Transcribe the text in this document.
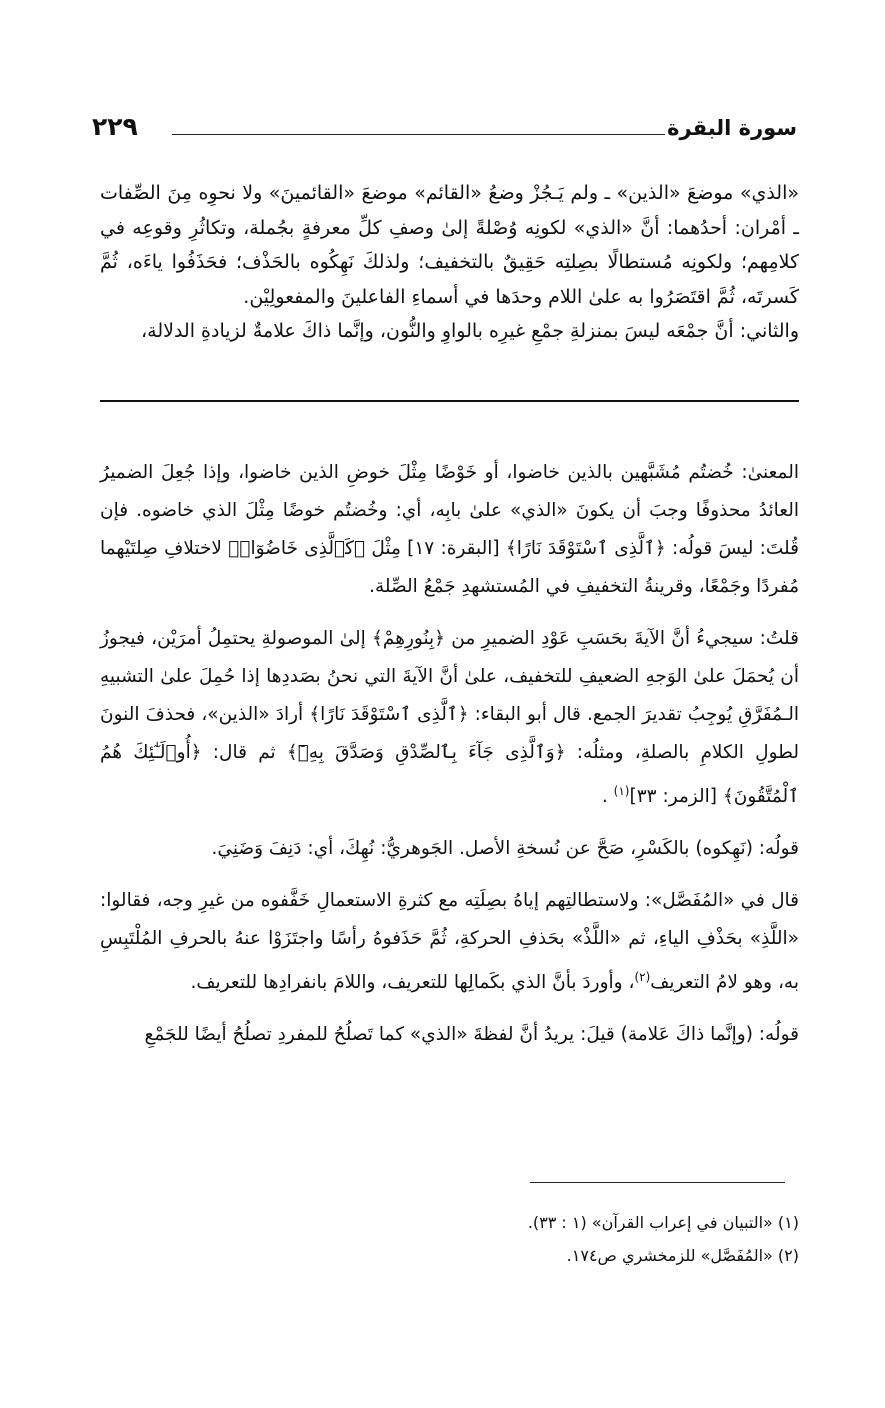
سورة البقرة
٢٢٩

«الذي» موضعَ «الذين» ـ ولم يَـجُزْ وضعُ «القائم» موضعَ «القائمينَ» ولا نحوِه مِنَ الصِّفات ـ أمْران: أحدُهما: أنَّ «الذي» لكونِه وُصْلةً إلىٰ وصفِ كلِّ معرفةٍ بجُملة، وتكاثُرِ وقوعِه في كلامِهم؛ ولكونِه مُستطالًا بصِلتِه حَقِيقٌ بالتخفيف؛ ولذلكَ نَهِكُوه بالحَذْف؛ فحَذَفُوا ياءَه، ثُمَّ كَسرتَه، ثُمَّ اقتَصَرُوا به علىٰ اللام وحدَها في أسماءِ الفاعلينَ والمفعولِيْن.

والثاني: أنَّ جمْعَه ليسَ بمنزلةِ جمْعِ غيرِه بالواوِ والنُّون، وإنَّما ذاكَ علامةٌ لزيادةِ الدلالة،

المعنىٰ: خُضتُم مُشَبَّهين بالذين خاضوا، أو خَوْضًا مِثْلَ خوضِ الذين خاضوا، وإذا جُعِلَ الضميرُ العائدُ محذوفًا وجبَ أن يكونَ «الذي» علىٰ بابِه، أي: وخُضتُم خوضًا مِثْلَ الذي خاضوه. فإن قُلتَ: ليسَ قولُه: ﴿ٱلَّذِى ٱسْتَوْقَدَ نَارًا﴾ [البقرة: ١٧] مِثْلَ ﴿كَٱلَّذِى خَاضُوٓا۟﴾ لاختلافِ صِلتَيْهما مُفردًا وجَمْعًا، وقرينةُ التخفيفِ في المُستشهدِ جَمْعُ الصِّلة.

قلتُ: سيجيءُ أنَّ الآيةَ بحَسَبِ عَوْدِ الضميرِ من ﴿بِنُورِهِمْ﴾ إلىٰ الموصولةِ يحتمِلُ أمرَيْن، فيجوزُ أن يُحمَلَ علىٰ الوَجهِ الضعيفِ للتخفيف، علىٰ أنَّ الآيةَ التي نحنُ بصَددِها إذا حُمِلَ علىٰ التشبيهِ الـمُفَرَّقِ يُوجِبُ تقديرَ الجمع. قال أبو البقاء: ﴿ٱلَّذِى ٱسْتَوْقَدَ نَارًا﴾ أرادَ «الذين»، فحذفَ النونَ لطولِ الكلامِ بالصلةِ، ومثلُه: ﴿وَٱلَّذِى جَآءَ بِٱلصِّدْقِ وَصَدَّقَ بِهِۦٓ﴾ ثم قال: ﴿أُو۟لَـٰٓئِكَ هُمُ ٱلْمُتَّقُونَ﴾ [الزمر: ٣٣]$^{(١)}$ .

قولُه: (نَهِكوه) بالكَسْرِ، صَحَّ عن نُسخةِ الأصل. الجَوهريُّ: نُهِكَ، أي: دَنِفَ وَضَنِيَ.

قال في «المُفَصَّل»: ولاستطالتِهم إياهُ بصِلَتِه مع كثرةِ الاستعمالِ خَفَّفوه من غيرِ وجه، فقالوا: «اللَّذِ» بحَذْفِ الياءِ، ثم «اللَّذْ» بحَذفِ الحركةِ، ثُمَّ حَذَفوهُ رأسًا واجتَزَوْا عنهُ بالحرفِ المُلْتَبِسِ به، وهو لامُ التعريف$^{(٢)}$، وأوردَ بأنَّ الذي بكَمالِها للتعريف، واللامَ بانفرادِها للتعريف.

قولُه: (وإنَّما ذاكَ عَلامة) قيلَ: يريدُ أنَّ لفظةَ «الذي» كما تَصلُحُ للمفردِ تصلُحُ أيضًا للجَمْعِ

(١) «التبيان في إعراب القرآن» (١ : ٣٣).

(٢) «المُفَصَّل» للزمخشري ص١٧٤.
